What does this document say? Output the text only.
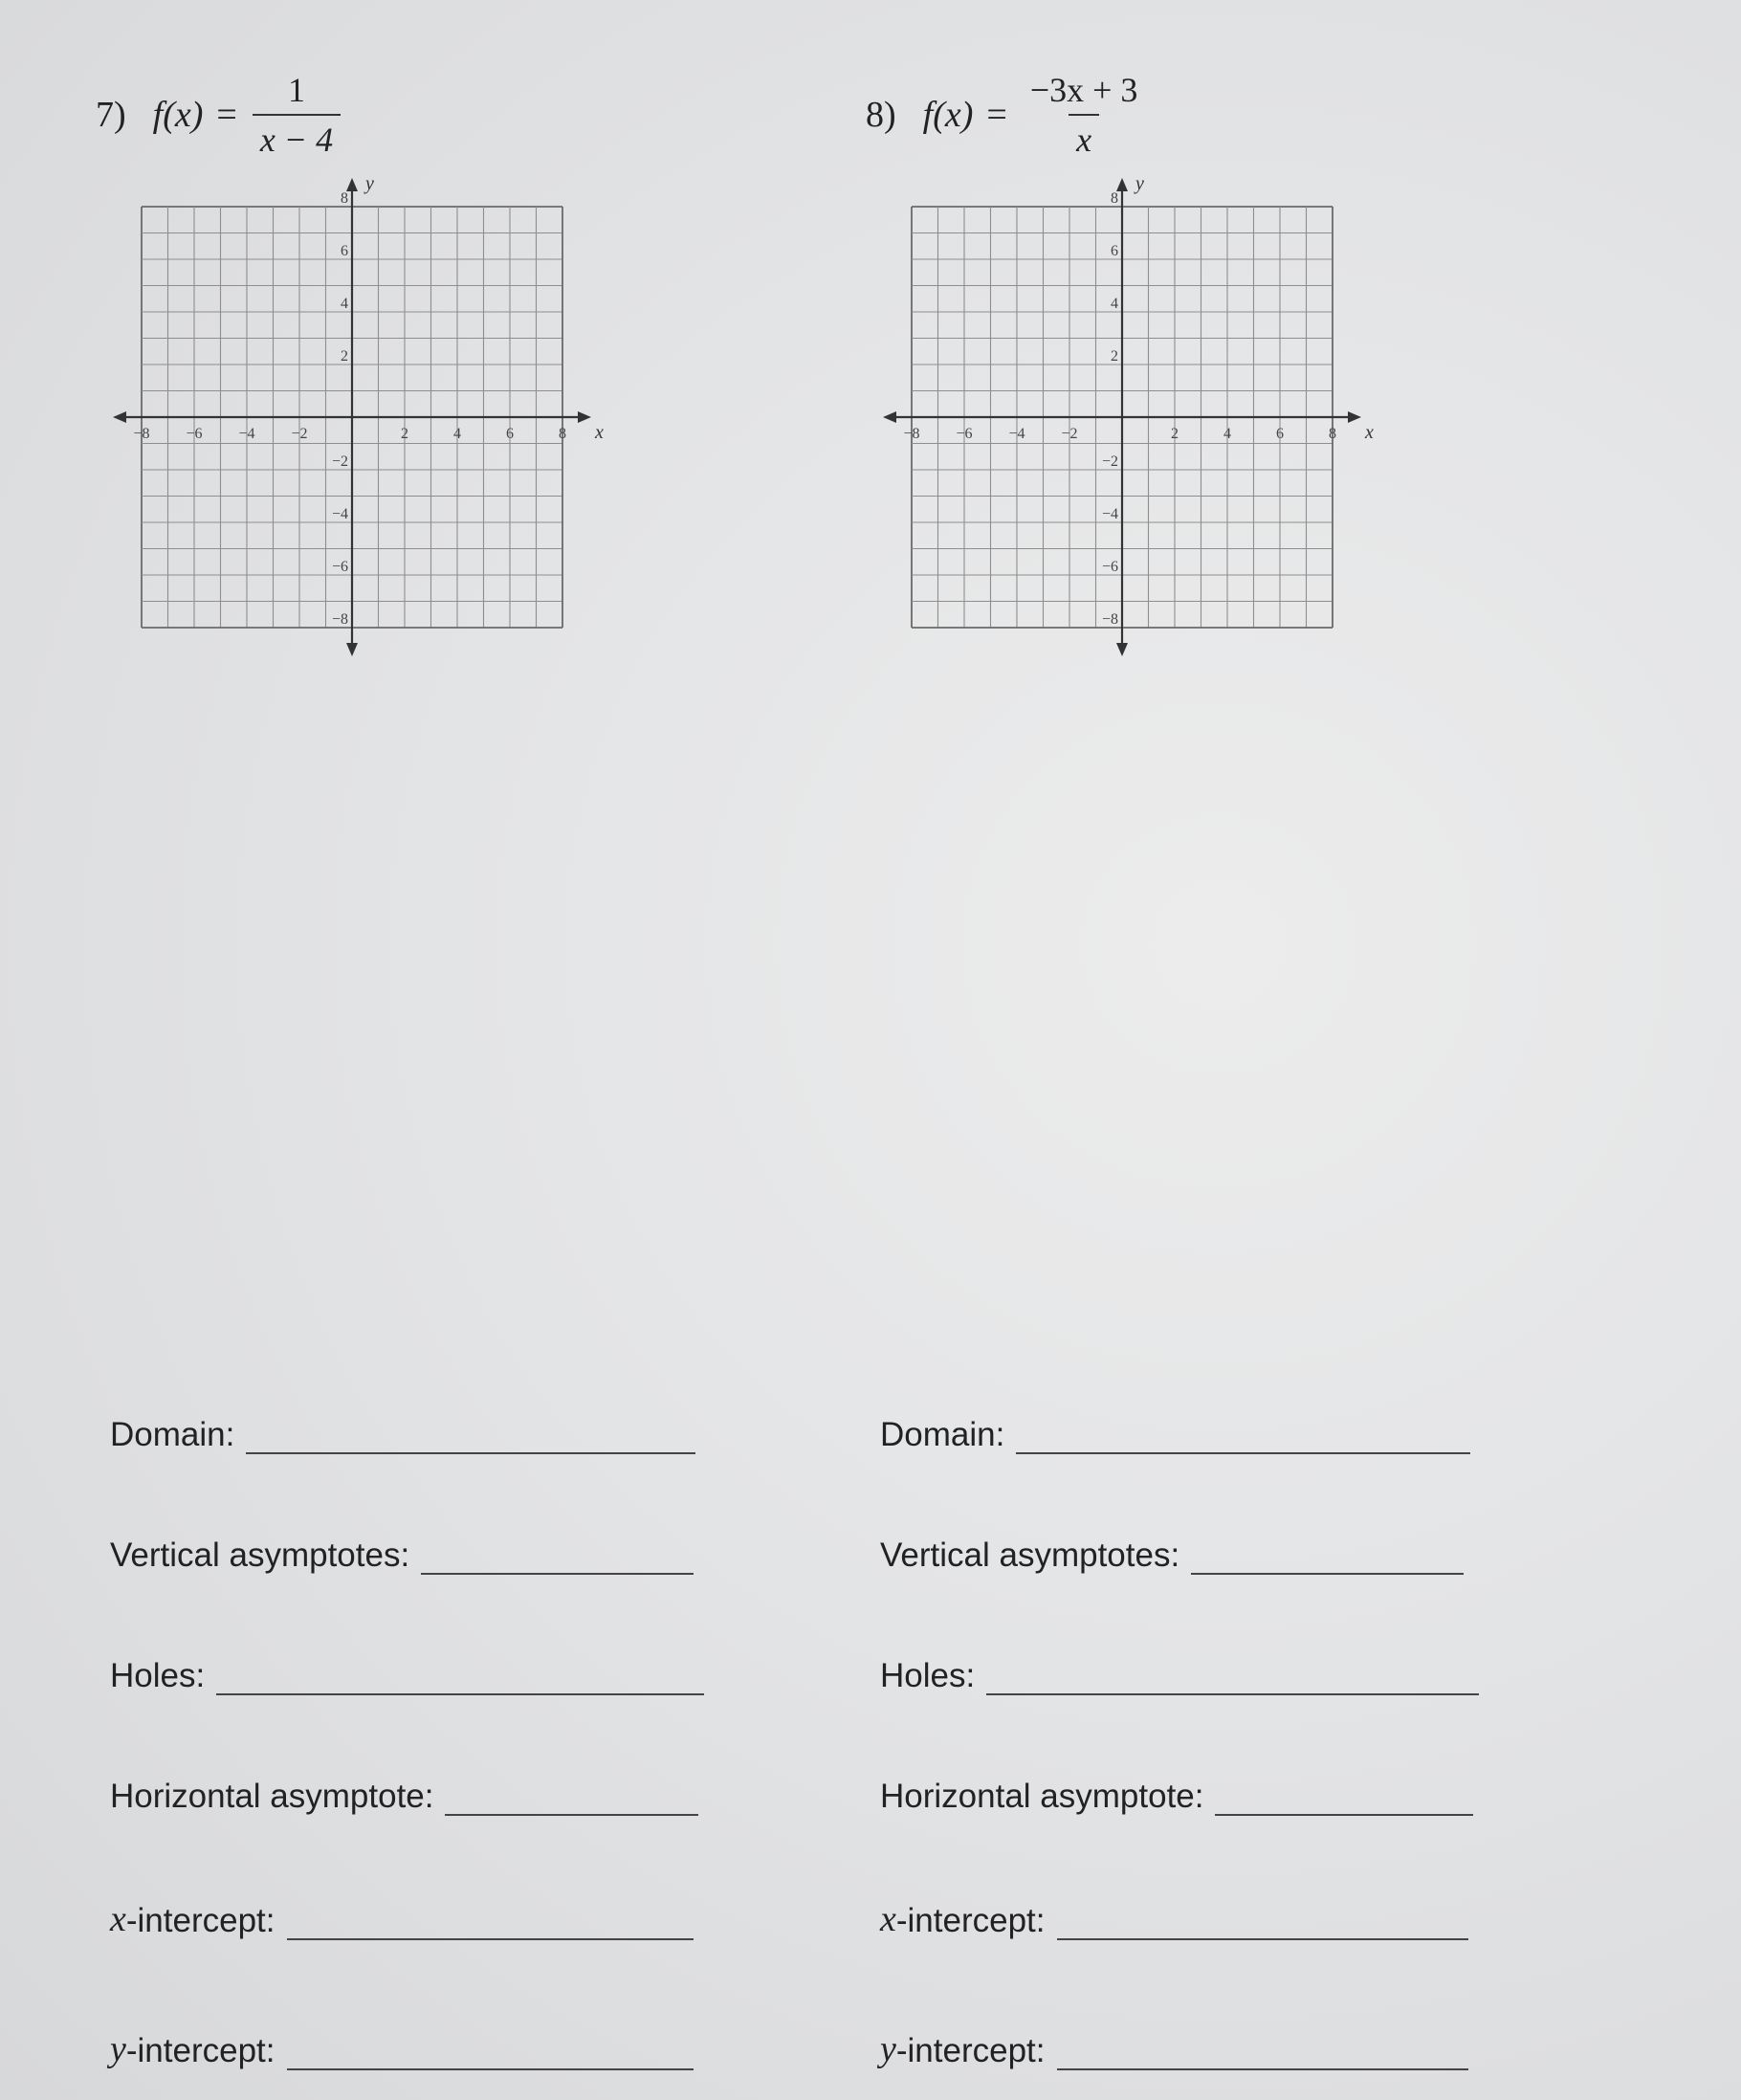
7) $f(x) = \frac{1}{x - 4}$
x
y
−8 −6 −4 −2	2	4	6	8
8
6
4
2
−2
−4
−6
−8
Domain:
Vertical asymptotes:
Holes:
Horizontal asymptote:
x -intercept:
y -intercept:
8) $f(x) = \frac{-3x + 3}{x}$
x
y
−8 −6 −4 −2	2	4	6	8
8
6
4
2
−2
−4
−6
−8
Domain:
Vertical asymptotes:
Holes:
Horizontal asymptote:
x -intercept:
y -intercept:
